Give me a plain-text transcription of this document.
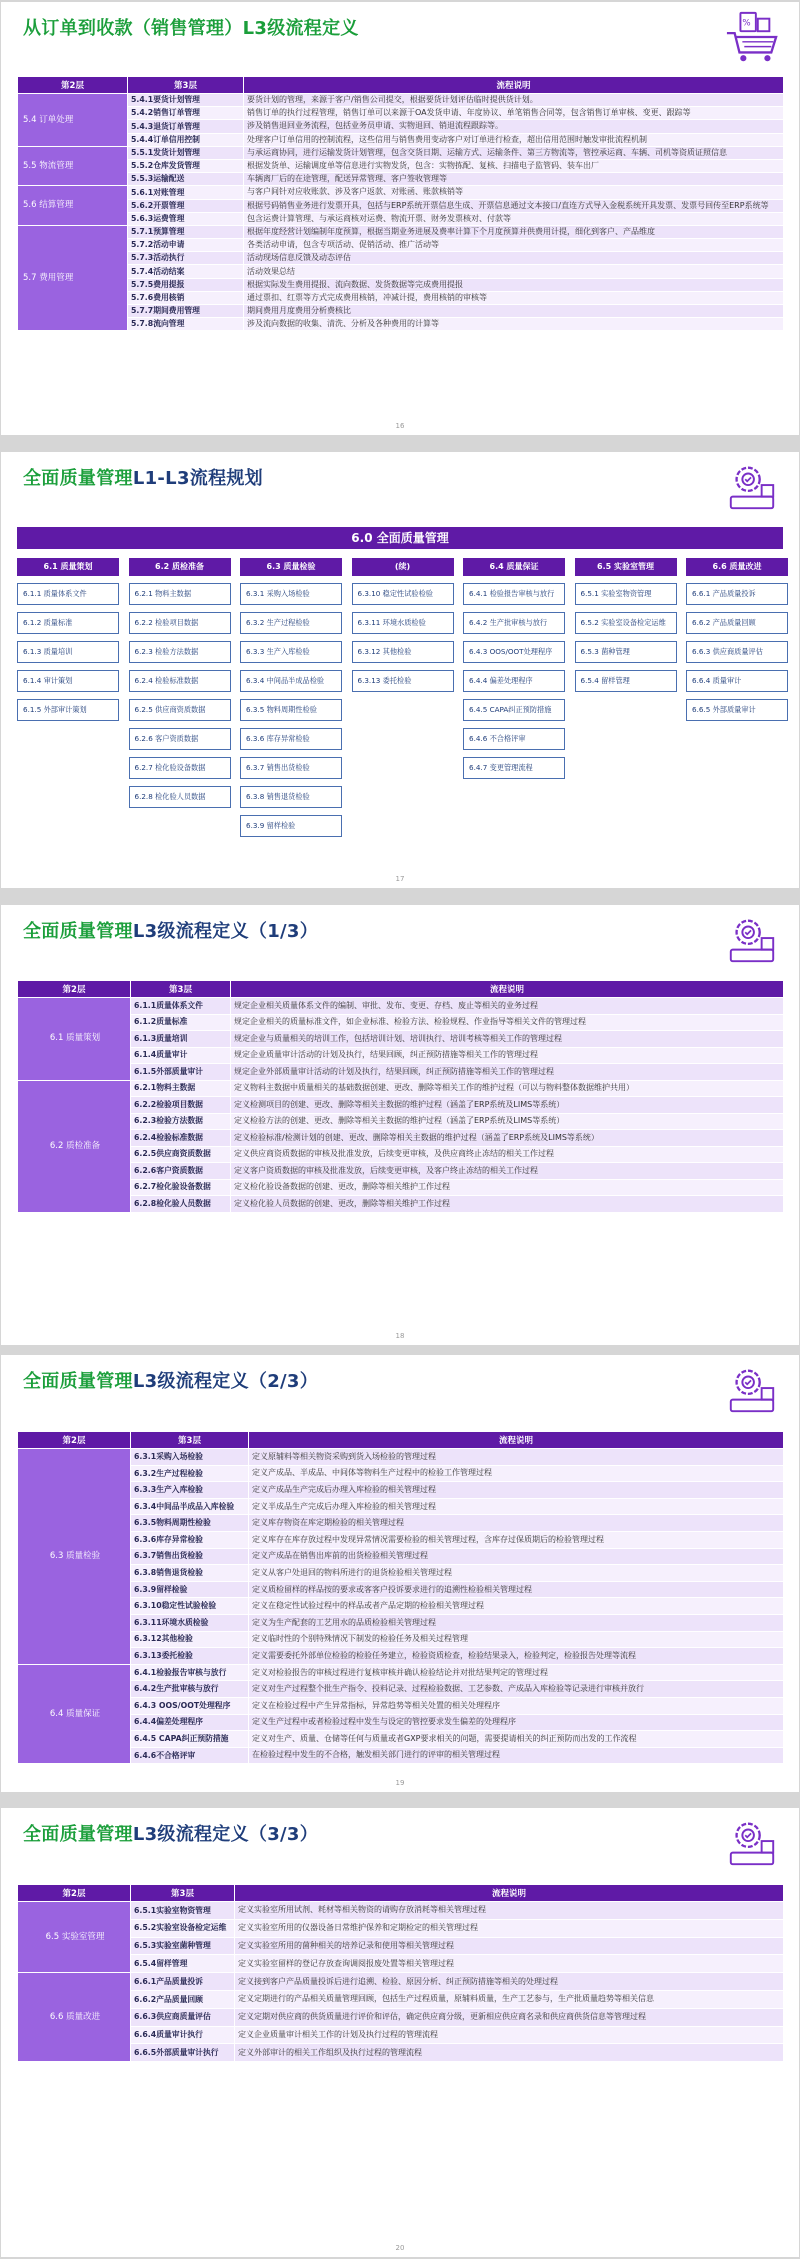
从订单到收款（销售管理）L3级流程定义	%
第2层	第3层	流程说明
5.4 订单处理	5.4.1要货计划管理	要货计划的管理，来源于客户/销售公司提交，根据要货计划评估临时提供货计划。
	5.4.2销售订单管理	销售订单的执行过程管理，销售订单可以来源于OA发货申请、年度协议、单笔销售合同等，包含销售订单审核、变更、跟踪等
	5.4.3退货订单管理	涉及销售退回业务流程，包括业务员申请、实物退回、销退流程跟踪等。
	5.4.4订单信用控制	处理客户订单信用的控制流程，这些信用与销售费用变动客户对订单进行检查，超出信用范围时触发审批流程机制
5.5 物流管理	5.5.1发货计划管理	与承运商协同，进行运输发货计划管理，包含交货日期、运输方式、运输条件、第三方物流等，管控承运商、车辆、司机等资质证照信息
	5.5.2仓库发货管理	根据发货单、运输调度单等信息进行实物发货，包含：实物拣配、复核、扫描电子监管码、装车出厂
	5.5.3运输配送	车辆离厂后的在途管理，配送异常管理、客户签收管理等
5.6 结算管理	5.6.1对账管理	与客户间针对应收账款、涉及客户返款、对账函、账款核销等
	5.6.2开票管理	根据号码销售业务进行发票开具，包括与ERP系统开票信息生成、开票信息通过文本接口/直连方式导入金税系统开具发票、发票号回传至ERP系统等
	5.6.3运费管理	包含运费计算管理、与承运商核对运费、物流开票、财务发票核对、付款等
5.7 费用管理	5.7.1预算管理	根据年度经营计划编制年度预算，根据当期业务进展及费率计算下个月度预算并供费用计提，细化到客户、产品维度
	5.7.2活动申请	各类活动申请，包含专项活动、促销活动、推广活动等
	5.7.3活动执行	活动现场信息反馈及动态评估
	5.7.4活动结案	活动效果总结
	5.7.5费用提报	根据实际发生费用提报、流向数据、发货数据等完成费用提报
	5.7.6费用核销	通过票扣、红票等方式完成费用核销，冲减计提，费用核销的审核等
	5.7.7期间费用管理	期间费用月度费用分析费核比
	5.7.8流向管理	涉及流向数据的收集、清洗、分析及各种费用的计算等
16
全面质量管理L1-L3流程规划
6.0 全面质量管理
6.1 质量策划
6.1.1 质量体系文件
6.1.2 质量标准
6.1.3 质量培训
6.1.4 审计策划
6.1.5 外部审计策划
6.2 质检准备
6.2.1 物料主数据
6.2.2 检验项目数据
6.2.3 检验方法数据
6.2.4 检验标准数据
6.2.5 供应商资质数据
6.2.6 客户资质数据
6.2.7 检化验设备数据
6.2.8 检化验人员数据
6.3 质量检验
6.3.1 采购入场检验
6.3.2 生产过程检验
6.3.3 生产入库检验
6.3.4 中间品半成品检验
6.3.5 物料周期性检验
6.3.6 库存异常检验
6.3.7 销售出货检验
6.3.8 销售退货检验
6.3.9 留样检验
(续)
6.3.10 稳定性试验检验
6.3.11 环境水质检验
6.3.12 其他检验
6.3.13 委托检验
6.4 质量保证
6.4.1 检验报告审核与放行
6.4.2 生产批审核与放行
6.4.3 OOS/OOT处理程序
6.4.4 偏差处理程序
6.4.5 CAPA纠正预防措施
6.4.6 不合格评审
6.4.7 变更管理流程
6.5 实验室管理
6.5.1 实验室物资管理
6.5.2 实验室设备检定运维
6.5.3 菌种管理
6.5.4 留样管理
6.6 质量改进
6.6.1 产品质量投诉
6.6.2 产品质量回顾
6.6.3 供应商质量评估
6.6.4 质量审计
6.6.5 外部质量审计
17
全面质量管理L3级流程定义（1/3）
第2层	第3层	流程说明
6.1 质量策划	6.1.1质量体系文件	规定企业相关质量体系文件的编制、审批、发布、变更、存档、废止等相关的业务过程
	6.1.2质量标准	规定企业相关的质量标准文件，如企业标准、检验方法、检验规程、作业指导等相关文件的管理过程
	6.1.3质量培训	规定企业与质量相关的培训工作，包括培训计划、培训执行、培训考核等相关工作的管理过程
	6.1.4质量审计	规定企业质量审计活动的计划及执行，结果回顾，纠正预防措施等相关工作的管理过程
	6.1.5外部质量审计	规定企业外部质量审计活动的计划及执行，结果回顾，纠正预防措施等相关工作的管理过程
6.2 质检准备	6.2.1物料主数据	定义物料主数据中质量相关的基础数据创建、更改、删除等相关工作的维护过程（可以与物料整体数据维护共用）
	6.2.2检验项目数据	定义检测项目的创建、更改、删除等相关主数据的维护过程（涵盖了ERP系统及LIMS等系统）
	6.2.3检验方法数据	定义检验方法的创建、更改、删除等相关主数据的维护过程（涵盖了ERP系统及LIMS等系统）
	6.2.4检验标准数据	定义检验标准/检测计划的创建、更改、删除等相关主数据的维护过程（涵盖了ERP系统及LIMS等系统）
	6.2.5供应商资质数据	定义供应商资质数据的审核及批准发放，后续变更审核，及供应商终止冻结的相关工作过程
	6.2.6客户资质数据	定义客户资质数据的审核及批准发放，后续变更审核，及客户终止冻结的相关工作过程
	6.2.7检化验设备数据	定义检化验设备数据的创建、更改，删除等相关维护工作过程
	6.2.8检化验人员数据	定义检化验人员数据的创建、更改，删除等相关维护工作过程
18
全面质量管理L3级流程定义（2/3）
第2层	第3层	流程说明
6.3 质量检验	6.3.1采购入场检验	定义原辅料等相关物资采购到货入场检验的管理过程
	6.3.2生产过程检验	定义产成品、半成品、中间体等物料生产过程中的检验工作管理过程
	6.3.3生产入库检验	定义产成品生产完成后办理入库检验的相关管理过程
	6.3.4中间品半成品入库检验	定义半成品生产完成后办理入库检验的相关管理过程
	6.3.5物料周期性检验	定义库存物资在库定期检验的相关管理过程
	6.3.6库存异常检验	定义库存在库存放过程中发现异常情况需要检验的相关管理过程，含库存过保质期后的检验管理过程
	6.3.7销售出货检验	定义产成品在销售出库前的出货检验相关管理过程
	6.3.8销售退货检验	定义从客户处退回的物料所进行的退货检验相关管理过程
	6.3.9留样检验	定义质检留样的样品按的要求或客客户投诉要求进行的追溯性检验相关管理过程
	6.3.10稳定性试验检验	定义在稳定性试验过程中的样品或者产品定期的检验相关管理过程
	6.3.11环境水质检验	定义为生产配套的工艺用水的品质检验相关管理过程
	6.3.12其他检验	定义临时性的个别特殊情况下制发的检验任务及相关过程管理
	6.3.13委托检验	定义需要委托外部单位检验的检验任务建立，检验资质检查，检验结果录入，检验判定，检验报告处理等流程
6.4 质量保证	6.4.1检验报告审核与放行	定义对检验报告的审核过程进行复核审核并确认检验结论并对批结果判定的管理过程
	6.4.2生产批审核与放行	定义对生产过程整个批生产指令、投料记录、过程检验数据、工艺参数、产成品入库检验等记录进行审核并放行
	6.4.3 OOS/OOT处理程序	定义在检验过程中产生异常指标，异常趋势等相关处置的相关处理程序
	6.4.4偏差处理程序	定义生产过程中或者检验过程中发生与设定的管控要求发生偏差的处理程序
	6.4.5 CAPA纠正预防措施	定义对生产、质量、仓储等任何与质量或者GXP要求相关的问题，需要提请相关的纠正预防而出发的工作流程
	6.4.6不合格评审	在检验过程中发生的不合格，触发相关部门进行的评审的相关管理过程
19
全面质量管理L3级流程定义（3/3）
第2层	第3层	流程说明
6.5 实验室管理	6.5.1实验室物资管理	定义实验室所用试剂、耗材等相关物资的请购存放消耗等相关管理过程
	6.5.2实验室设备检定运维	定义实验室所用的仪器设备日常维护保养和定期检定的相关管理过程
	6.5.3实验室菌种管理	定义实验室所用的菌种相关的培养记录和使用等相关管理过程
	6.5.4留样管理	定义实验室留样的登记存放查询调阅报废处置等相关管理过程
6.6 质量改进	6.6.1产品质量投诉	定义接到客户产品质量投诉后进行追溯、检验、原因分析、纠正预防措施等相关的处理过程
	6.6.2产品质量回顾	定义定期进行的产品相关质量管理回顾，包括生产过程质量，原辅料质量，生产工艺参与，生产批质量趋势等相关信息
	6.6.3供应商质量评估	定义定期对供应商的供货质量进行评价和评估，确定供应商分级，更新相应供应商名录和供应商供货信息等管理过程
	6.6.4质量审计执行	定义企业质量审计相关工作的计划及执行过程的管理流程
	6.6.5外部质量审计执行	定义外部审计的相关工作组织及执行过程的管理流程
20
